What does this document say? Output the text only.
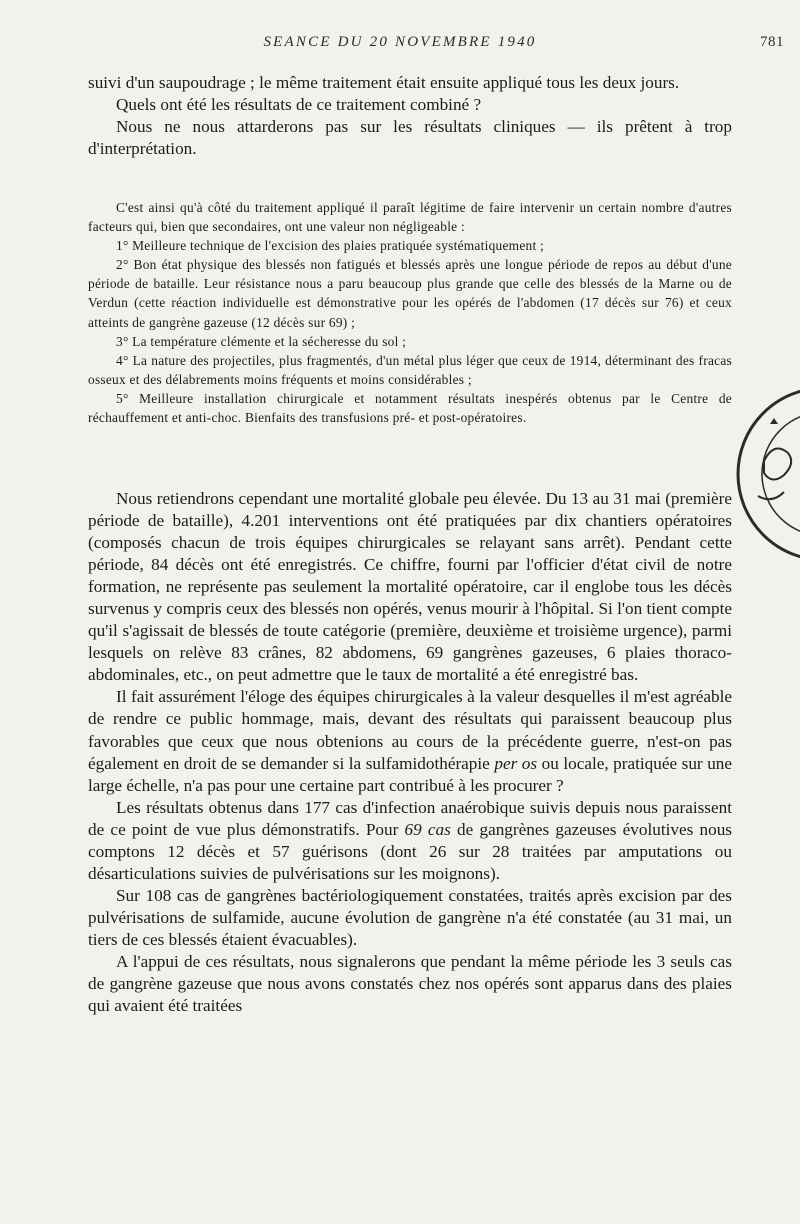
SEANCE DU 20 NOVEMBRE 1940	781

suivi d'un saupoudrage ; le même traitement était ensuite appliqué tous les deux jours.

Quels ont été les résultats de ce traitement combiné ?

Nous ne nous attarderons pas sur les résultats cliniques — ils prêtent à trop d'interprétation.

C'est ainsi qu'à côté du traitement appliqué il paraît légitime de faire intervenir un certain nombre d'autres facteurs qui, bien que secondaires, ont une valeur non négligeable :

1° Meilleure technique de l'excision des plaies pratiquée systématiquement ;

2° Bon état physique des blessés non fatigués et blessés après une longue période de repos au début d'une période de bataille. Leur résistance nous a paru beaucoup plus grande que celle des blessés de la Marne ou de Verdun (cette réaction individuelle est démonstrative pour les opérés de l'abdomen (17 décès sur 76) et ceux atteints de gangrène gazeuse (12 décès sur 69) ;

3° La température clémente et la sécheresse du sol ;

4° La nature des projectiles, plus fragmentés, d'un métal plus léger que ceux de 1914, déterminant des fracas osseux et des délabrements moins fréquents et moins considérables ;

5° Meilleure installation chirurgicale et notamment résultats inespérés obtenus par le Centre de réchauffement et anti-choc. Bienfaits des transfusions pré- et post-opératoires.

Nous retiendrons cependant une mortalité globale peu élevée. Du 13 au 31 mai (première période de bataille), 4.201 interventions ont été pratiquées par dix chantiers opératoires (composés chacun de trois équipes chirurgicales se relayant sans arrêt). Pendant cette période, 84 décès ont été enregistrés. Ce chiffre, fourni par l'officier d'état civil de notre formation, ne représente pas seulement la mortalité opératoire, car il englobe tous les décès survenus y compris ceux des blessés non opérés, venus mourir à l'hôpital. Si l'on tient compte qu'il s'agissait de blessés de toute catégorie (première, deuxième et troisième urgence), parmi lesquels on relève 83 crânes, 82 abdomens, 69 gangrènes gazeuses, 6 plaies thoraco-abdominales, etc., on peut admettre que le taux de mortalité a été enregistré bas.

Il fait assurément l'éloge des équipes chirurgicales à la valeur desquelles il m'est agréable de rendre ce public hommage, mais, devant des résultats qui paraissent beaucoup plus favorables que ceux que nous obtenions au cours de la précédente guerre, n'est-on pas également en droit de se demander si la sulfamidothérapie per os ou locale, pratiquée sur une large échelle, n'a pas pour une certaine part contribué à les procurer ?

Les résultats obtenus dans 177 cas d'infection anaérobique suivis depuis nous paraissent de ce point de vue plus démonstratifs. Pour 69 cas de gangrènes gazeuses évolutives nous comptons 12 décès et 57 guérisons (dont 26 sur 28 traitées par amputations ou désarticulations suivies de pulvérisations sur les moignons).

Sur 108 cas de gangrènes bactériologiquement constatées, traités après excision par des pulvérisations de sulfamide, aucune évolution de gangrène n'a été constatée (au 31 mai, un tiers de ces blessés étaient évacuables).

A l'appui de ces résultats, nous signalerons que pendant la même période les 3 seuls cas de gangrène gazeuse que nous avons constatés chez nos opérés sont apparus dans des plaies qui avaient été traitées
